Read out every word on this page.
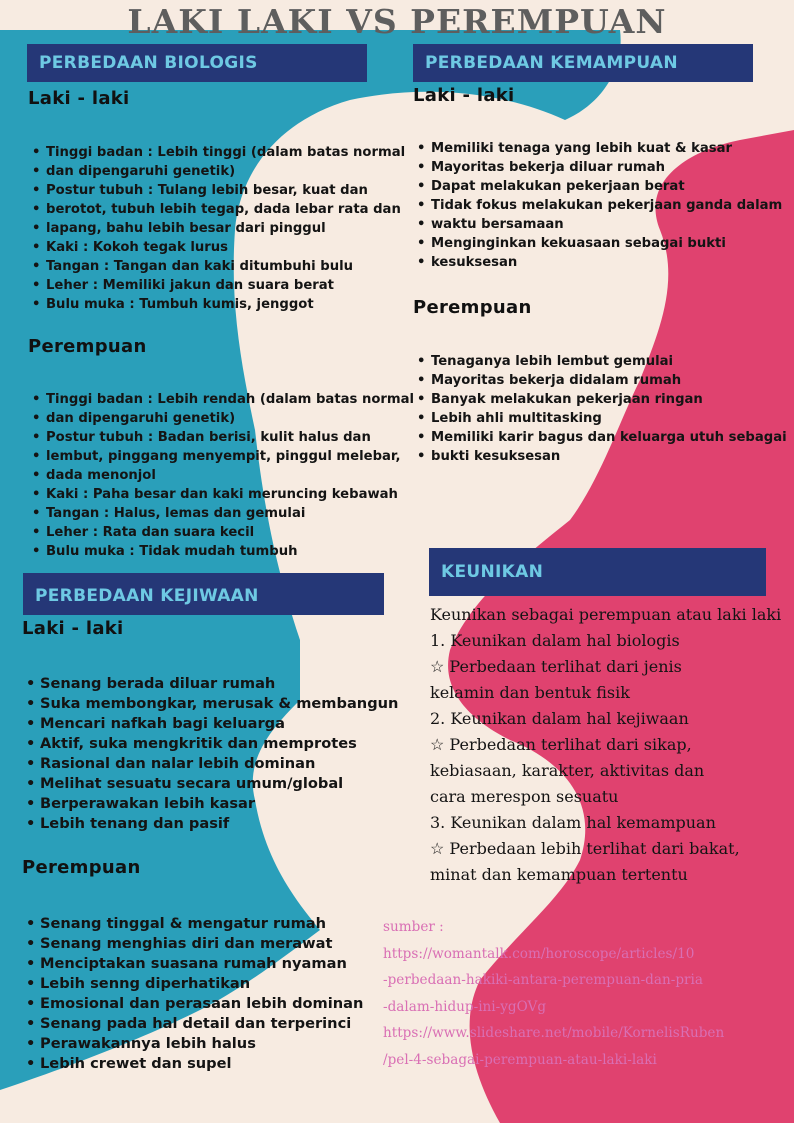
LAKI LAKI VS PEREMPUAN
PERBEDAAN BIOLOGIS
Laki - laki
• Tinggi badan : Lebih tinggi (dalam batas normal
• dan dipengaruhi genetik)
• Postur tubuh : Tulang lebih besar, kuat dan
• berotot, tubuh lebih tegap, dada lebar rata dan
• lapang, bahu lebih besar dari pinggul
• Kaki : Kokoh tegak lurus
• Tangan : Tangan dan kaki ditumbuhi bulu
• Leher : Memiliki jakun dan suara berat
• Bulu muka : Tumbuh kumis, jenggot
Perempuan
• Tinggi badan : Lebih rendah (dalam batas normal
• dan dipengaruhi genetik)
• Postur tubuh : Badan berisi, kulit halus dan
• lembut, pinggang menyempit, pinggul melebar,
• dada menonjol
• Kaki : Paha besar dan kaki meruncing kebawah
• Tangan : Halus, lemas dan gemulai
• Leher : Rata dan suara kecil
• Bulu muka : Tidak mudah tumbuh
PERBEDAAN KEMAMPUAN
Laki - laki
• Memiliki tenaga yang lebih kuat & kasar
• Mayoritas bekerja diluar rumah
• Dapat melakukan pekerjaan berat
• Tidak fokus melakukan pekerjaan ganda dalam
• waktu bersamaan
• Menginginkan kekuasaan sebagai bukti
• kesuksesan
Perempuan
• Tenaganya lebih lembut gemulai
• Mayoritas bekerja didalam rumah
• Banyak melakukan pekerjaan ringan
• Lebih ahli multitasking
• Memiliki karir bagus dan keluarga utuh sebagai
• bukti kesuksesan
PERBEDAAN KEJIWAAN
Laki - laki
• Senang berada diluar rumah
• Suka membongkar, merusak & membangun
• Mencari nafkah bagi keluarga
• Aktif, suka mengkritik dan memprotes
• Rasional dan nalar lebih dominan
• Melihat sesuatu secara umum/global
• Berperawakan lebih kasar
• Lebih tenang dan pasif
Perempuan
• Senang tinggal & mengatur rumah
• Senang menghias diri dan merawat
• Menciptakan suasana rumah nyaman
• Lebih senng diperhatikan
• Emosional dan perasaan lebih dominan
• Senang pada hal detail dan terperinci
• Perawakannya lebih halus
• Lebih crewet dan supel
KEUNIKAN
Keunikan sebagai perempuan atau laki laki
1. Keunikan dalam hal biologis
☆ Perbedaan terlihat dari jenis
kelamin dan bentuk fisik
2. Keunikan dalam hal kejiwaan
☆ Perbedaan terlihat dari sikap,
kebiasaan, karakter, aktivitas dan
cara merespon sesuatu
3. Keunikan dalam hal kemampuan
☆ Perbedaan lebih terlihat dari bakat,
minat dan kemampuan tertentu
sumber :
https://womantalk.com/horoscope/articles/10
-perbedaan-hakiki-antara-perempuan-dan-pria
-dalam-hidup-ini-ygOVg
https://www.slideshare.net/mobile/KornelisRuben
/pel-4-sebagai-perempuan-atau-laki-laki
